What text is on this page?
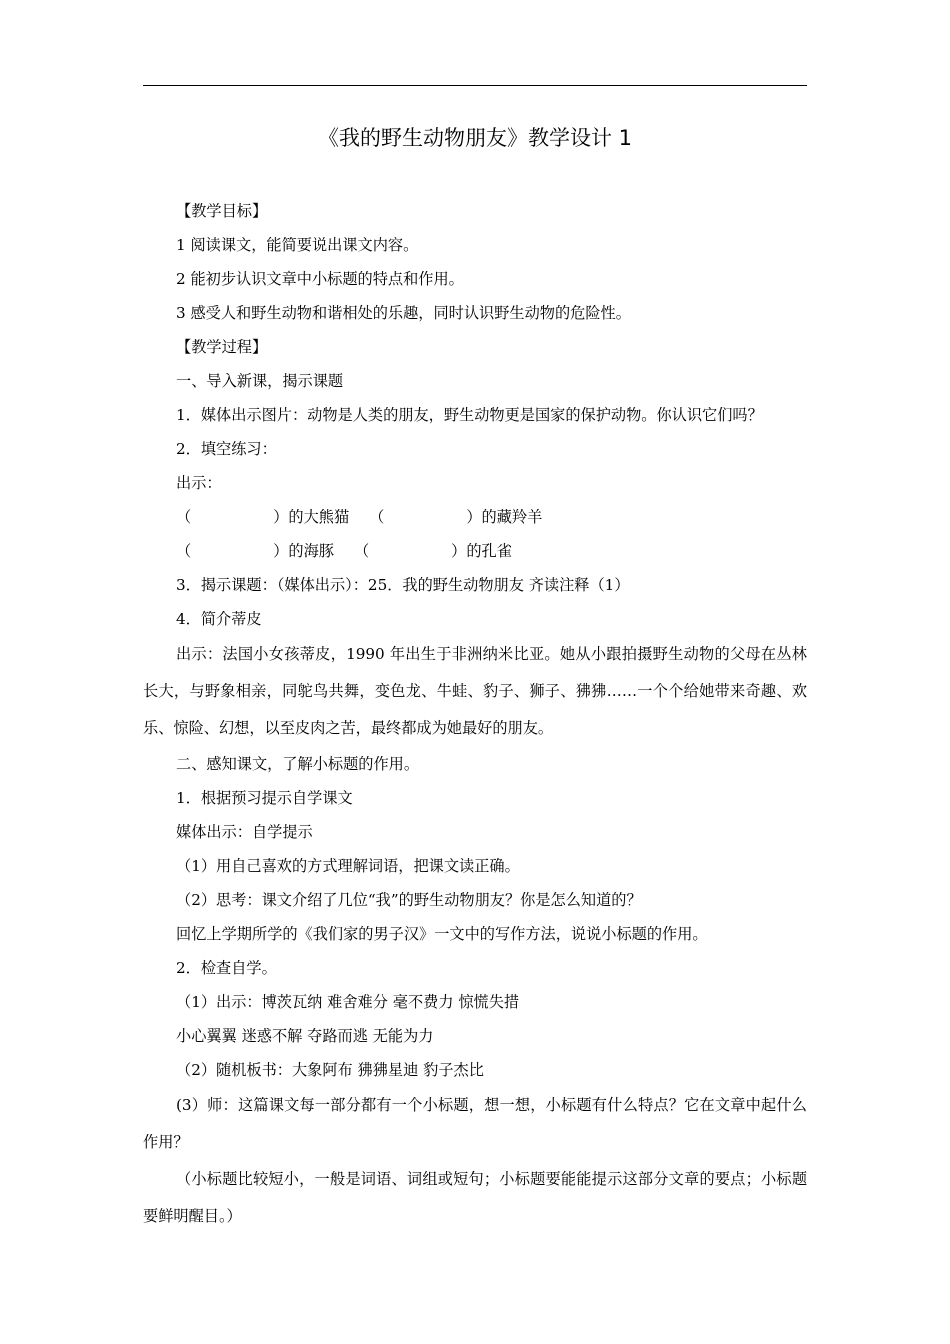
《我的野生动物朋友》教学设计 1

【教学目标】

1 阅读课文，能简要说出课文内容。

2 能初步认识文章中小标题的特点和作用。

3 感受人和野生动物和谐相处的乐趣，同时认识野生动物的危险性。

【教学过程】

一、导入新课，揭示课题

1．媒体出示图片：动物是人类的朋友，野生动物更是国家的保护动物。你认识它们吗？

2．填空练习：

出示：

（	）的大熊猫 （	）的藏羚羊

（	）的海豚 （	）的孔雀

3．揭示课题：（媒体出示）：25．我的野生动物朋友 齐读注释（1）

4．简介蒂皮

出示：法国小女孩蒂皮，1990 年出生于非洲纳米比亚。她从小跟拍摄野生动物的父母在丛林长大，与野象相亲，同鸵鸟共舞，变色龙、牛蛙、豹子、狮子、狒狒……一个个给她带来奇趣、欢乐、惊险、幻想，以至皮肉之苦，最终都成为她最好的朋友。

二、感知课文，了解小标题的作用。

1．根据预习提示自学课文

媒体出示：自学提示

（1）用自己喜欢的方式理解词语，把课文读正确。

（2）思考：课文介绍了几位“我”的野生动物朋友？你是怎么知道的？

回忆上学期所学的《我们家的男子汉》一文中的写作方法，说说小标题的作用。

2．检查自学。

（1）出示：博茨瓦纳 难舍难分 毫不费力 惊慌失措

小心翼翼 迷惑不解 夺路而逃 无能为力

（2）随机板书：大象阿布 狒狒星迪 豹子杰比

(3）师：这篇课文每一部分都有一个小标题，想一想，小标题有什么特点？它在文章中起什么作用？

（小标题比较短小，一般是词语、词组或短句；小标题要能能提示这部分文章的要点；小标题要鲜明醒目。）
